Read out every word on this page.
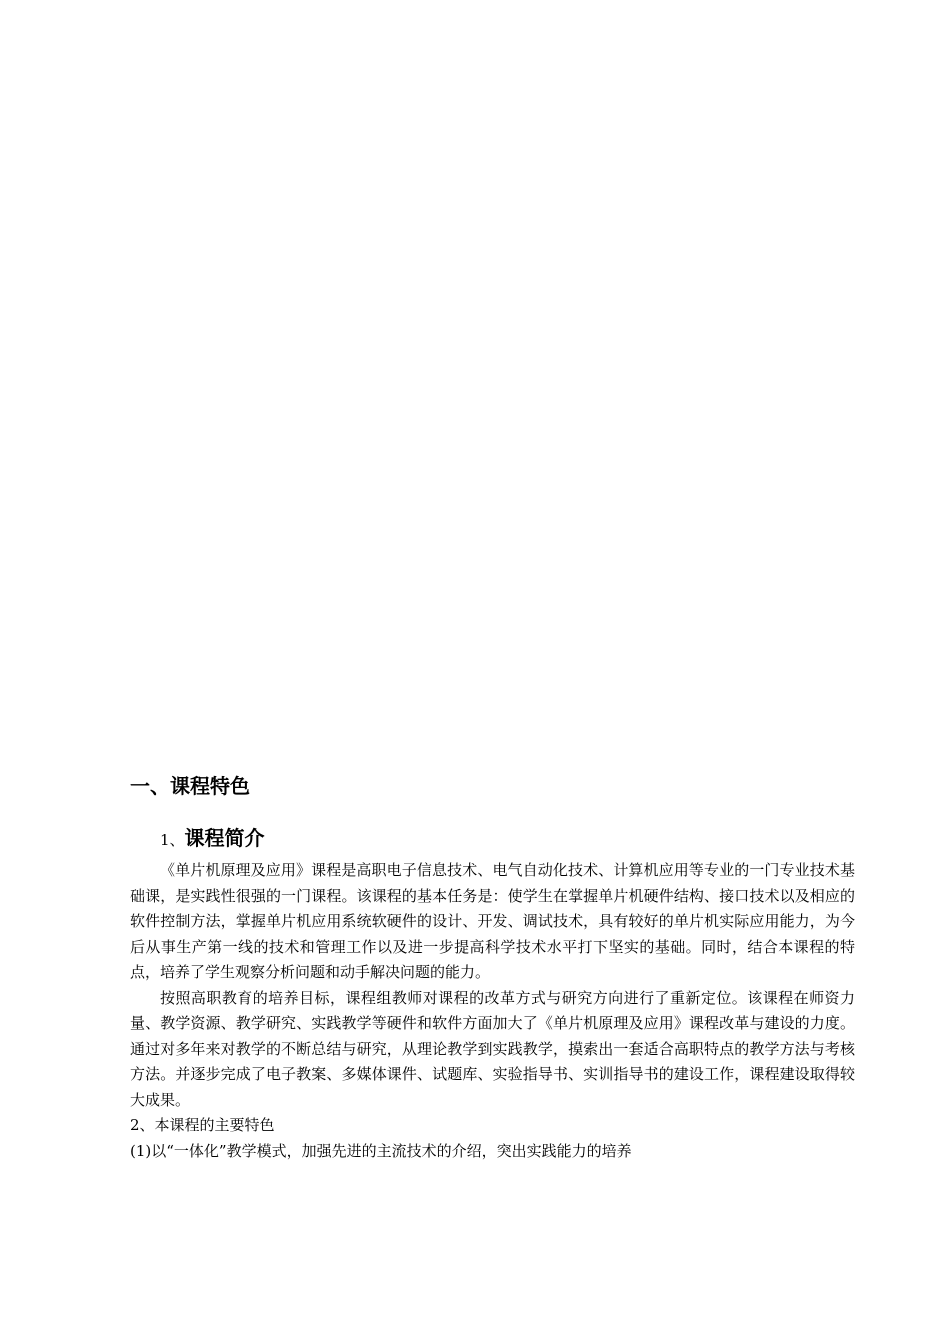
一、课程特色
1、课程简介

《单片机原理及应用》课程是高职电子信息技术、电气自动化技术、计算机应用等专业的一门专业技术基础课，是实践性很强的一门课程。该课程的基本任务是：使学生在掌握单片机硬件结构、接口技术以及相应的软件控制方法，掌握单片机应用系统软硬件的设计、开发、调试技术，具有较好的单片机实际应用能力，为今后从事生产第一线的技术和管理工作以及进一步提高科学技术水平打下坚实的基础。同时，结合本课程的特点，培养了学生观察分析问题和动手解决问题的能力。

按照高职教育的培养目标，课程组教师对课程的改革方式与研究方向进行了重新定位。该课程在师资力量、教学资源、教学研究、实践教学等硬件和软件方面加大了《单片机原理及应用》课程改革与建设的力度。通过对多年来对教学的不断总结与研究，从理论教学到实践教学，摸索出一套适合高职特点的教学方法与考核方法。并逐步完成了电子教案、多媒体课件、试题库、实验指导书、实训指导书的建设工作，课程建设取得较大成果。

2、本课程的主要特色

(1)以“一体化”教学模式，加强先进的主流技术的介绍，突出实践能力的培养
